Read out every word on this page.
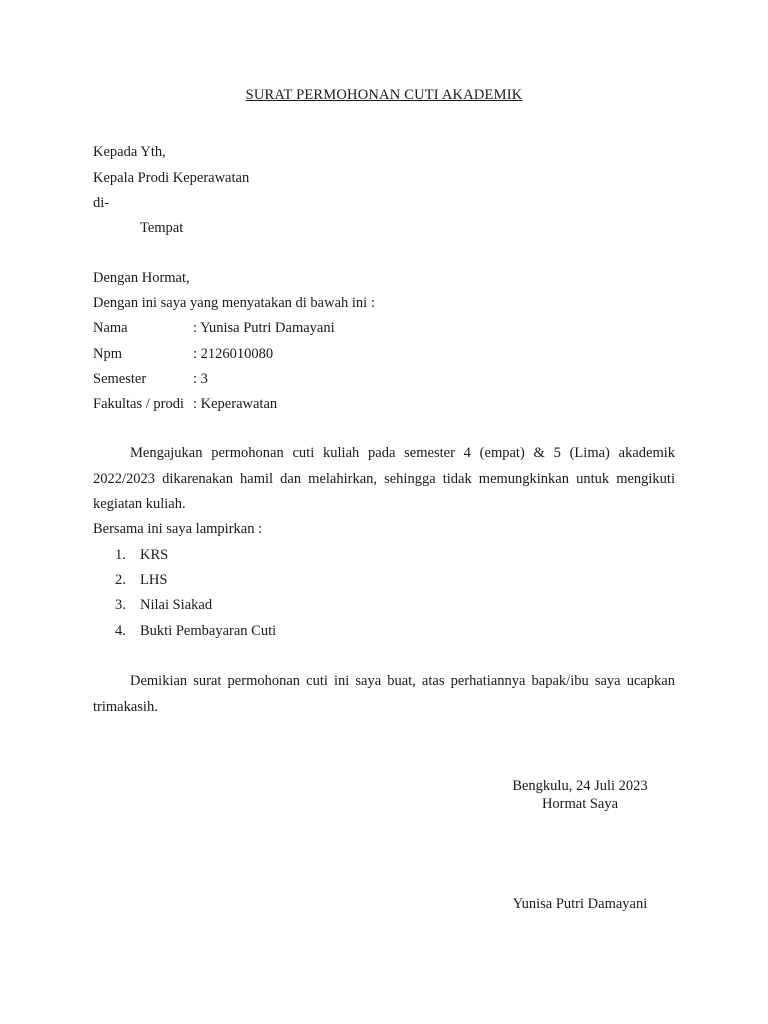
SURAT PERMOHONAN CUTI AKADEMIK
Kepada Yth,
Kepala Prodi Keperawatan
di-
Tempat
Dengan Hormat,
Dengan ini saya yang menyatakan di bawah ini :
Nama	: Yunisa Putri Damayani
Npm	: 2126010080
Semester	: 3
Fakultas / prodi : Keperawatan
Mengajukan permohonan cuti kuliah pada semester 4 (empat) & 5 (Lima) akademik 2022/2023 dikarenakan hamil dan melahirkan, sehingga tidak memungkinkan untuk mengikuti kegiatan kuliah.
Bersama ini saya lampirkan :
1. KRS
2. LHS
3. Nilai Siakad
4. Bukti Pembayaran Cuti
Demikian surat permohonan cuti ini saya buat, atas perhatiannya bapak/ibu saya ucapkan trimakasih.
Bengkulu, 24 Juli 2023
Hormat Saya
Yunisa Putri Damayani
